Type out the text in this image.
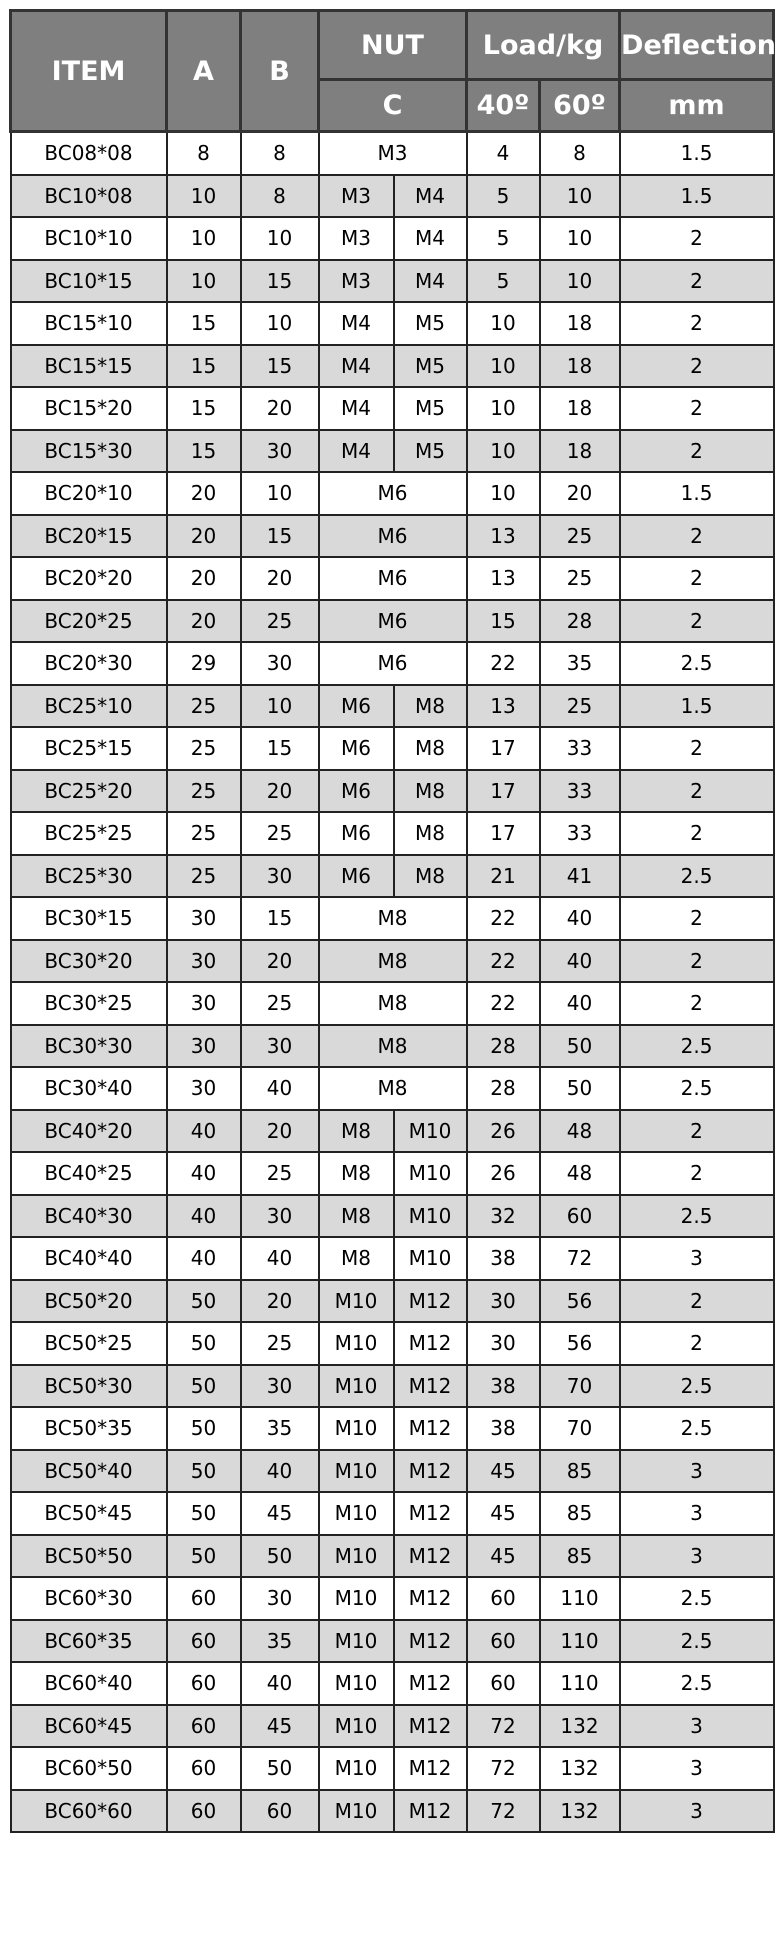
ITEM	A	B	NUT		Load/kg		Deflection
			C		40º	60º	mm
BC08*08	8	8	M3		4	8	1.5
BC10*08	10	8	M3	M4	5	10	1.5
BC10*10	10	10	M3	M4	5	10	2
BC10*15	10	15	M3	M4	5	10	2
BC15*10	15	10	M4	M5	10	18	2
BC15*15	15	15	M4	M5	10	18	2
BC15*20	15	20	M4	M5	10	18	2
BC15*30	15	30	M4	M5	10	18	2
BC20*10	20	10	M6		10	20	1.5
BC20*15	20	15	M6		13	25	2
BC20*20	20	20	M6		13	25	2
BC20*25	20	25	M6		15	28	2
BC20*30	29	30	M6		22	35	2.5
BC25*10	25	10	M6	M8	13	25	1.5
BC25*15	25	15	M6	M8	17	33	2
BC25*20	25	20	M6	M8	17	33	2
BC25*25	25	25	M6	M8	17	33	2
BC25*30	25	30	M6	M8	21	41	2.5
BC30*15	30	15	M8		22	40	2
BC30*20	30	20	M8		22	40	2
BC30*25	30	25	M8		22	40	2
BC30*30	30	30	M8		28	50	2.5
BC30*40	30	40	M8		28	50	2.5
BC40*20	40	20	M8	M10	26	48	2
BC40*25	40	25	M8	M10	26	48	2
BC40*30	40	30	M8	M10	32	60	2.5
BC40*40	40	40	M8	M10	38	72	3
BC50*20	50	20	M10	M12	30	56	2
BC50*25	50	25	M10	M12	30	56	2
BC50*30	50	30	M10	M12	38	70	2.5
BC50*35	50	35	M10	M12	38	70	2.5
BC50*40	50	40	M10	M12	45	85	3
BC50*45	50	45	M10	M12	45	85	3
BC50*50	50	50	M10	M12	45	85	3
BC60*30	60	30	M10	M12	60	110	2.5
BC60*35	60	35	M10	M12	60	110	2.5
BC60*40	60	40	M10	M12	60	110	2.5
BC60*45	60	45	M10	M12	72	132	3
BC60*50	60	50	M10	M12	72	132	3
BC60*60	60	60	M10	M12	72	132	3
